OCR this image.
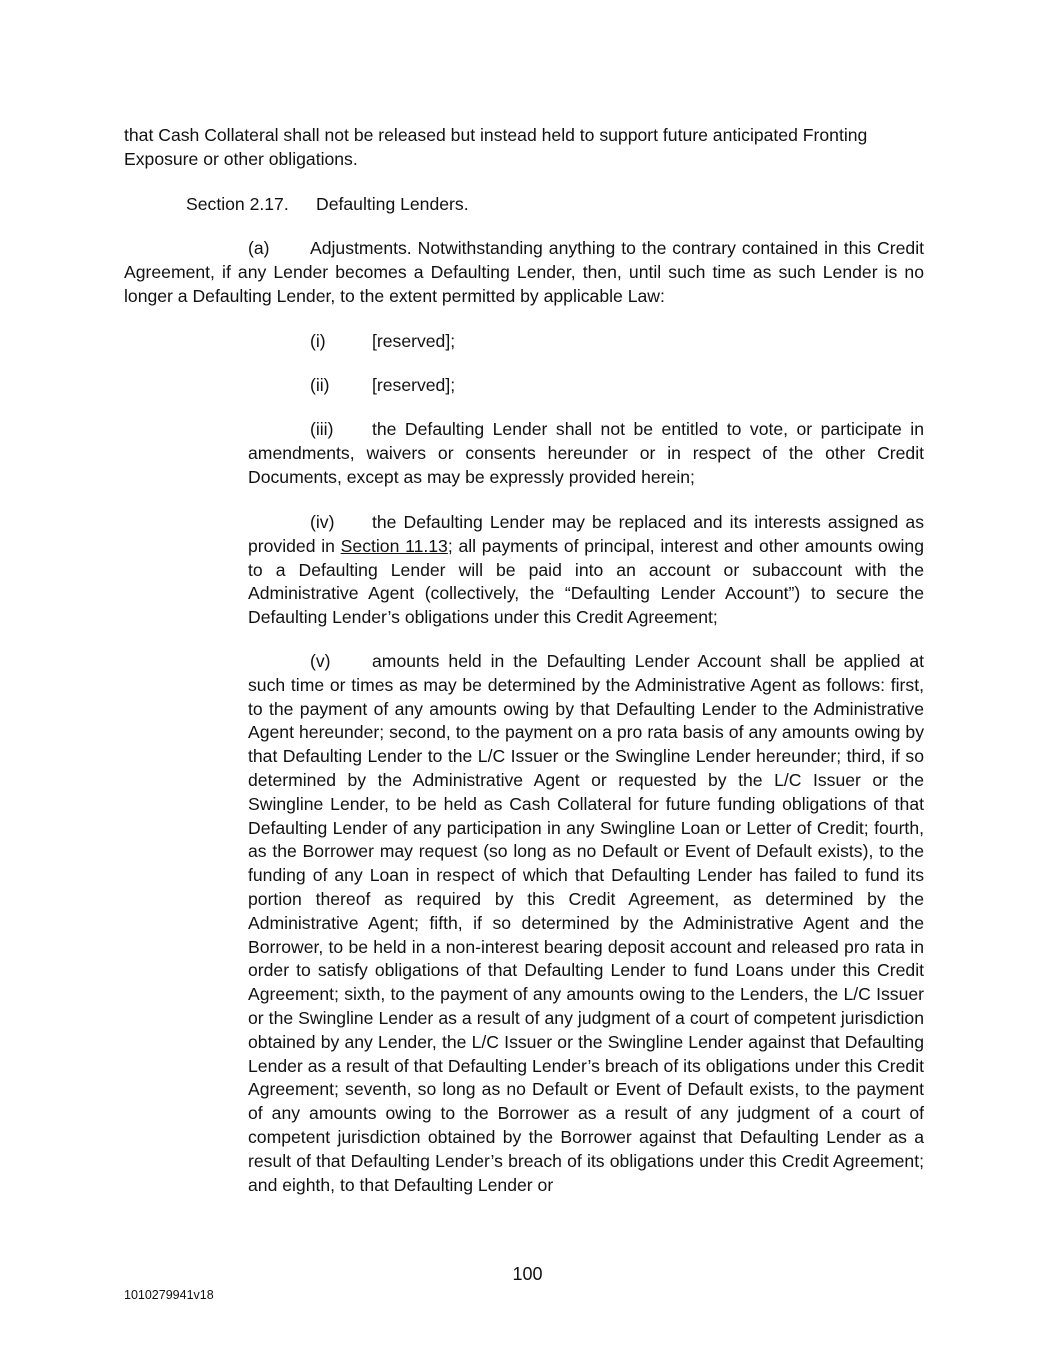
that Cash Collateral shall not be released but instead held to support future anticipated Fronting
Exposure or other obligations.

Section 2.17. Defaulting Lenders.

(a) Adjustments. Notwithstanding anything to the contrary contained in this Credit Agreement, if any Lender becomes a Defaulting Lender, then, until such time as such Lender is no longer a Defaulting Lender, to the extent permitted by applicable Law:

(i)	[reserved];

(ii) [reserved];

(iii) the Defaulting Lender shall not be entitled to vote, or participate in amendments, waivers or consents hereunder or in respect of the other Credit Documents, except as may be expressly provided herein;

(iv) the Defaulting Lender may be replaced and its interests assigned as provided in Section 11.13; all payments of principal, interest and other amounts owing to a Defaulting Lender will be paid into an account or subaccount with the Administrative Agent (collectively, the “Defaulting Lender Account”) to secure the Defaulting Lender’s obligations under this Credit Agreement;

(v) amounts held in the Defaulting Lender Account shall be applied at such time or times as may be determined by the Administrative Agent as follows: first, to the payment of any amounts owing by that Defaulting Lender to the Administrative Agent hereunder; second, to the payment on a pro rata basis of any amounts owing by that Defaulting Lender to the L/C Issuer or the Swingline Lender hereunder; third, if so determined by the Administrative Agent or requested by the L/C Issuer or the Swingline Lender, to be held as Cash Collateral for future funding obligations of that Defaulting Lender of any participation in any Swingline Loan or Letter of Credit; fourth, as the Borrower may request (so long as no Default or Event of Default exists), to the funding of any Loan in respect of which that Defaulting Lender has failed to fund its portion thereof as required by this Credit Agreement, as determined by the Administrative Agent; fifth, if so determined by the Administrative Agent and the Borrower, to be held in a non-interest bearing deposit account and released pro rata in order to satisfy obligations of that Defaulting Lender to fund Loans under this Credit Agreement; sixth, to the payment of any amounts owing to the Lenders, the L/C Issuer or the Swingline Lender as a result of any judgment of a court of competent jurisdiction obtained by any Lender, the L/C Issuer or the Swingline Lender against that Defaulting Lender as a result of that Defaulting Lender’s breach of its obligations under this Credit Agreement; seventh, so long as no Default or Event of Default exists, to the payment of any amounts owing to the Borrower as a result of any judgment of a court of competent jurisdiction obtained by the Borrower against that Defaulting Lender as a result of that Defaulting Lender’s breach of its obligations under this Credit Agreement; and eighth, to that Defaulting Lender or

100
1010279941v18
